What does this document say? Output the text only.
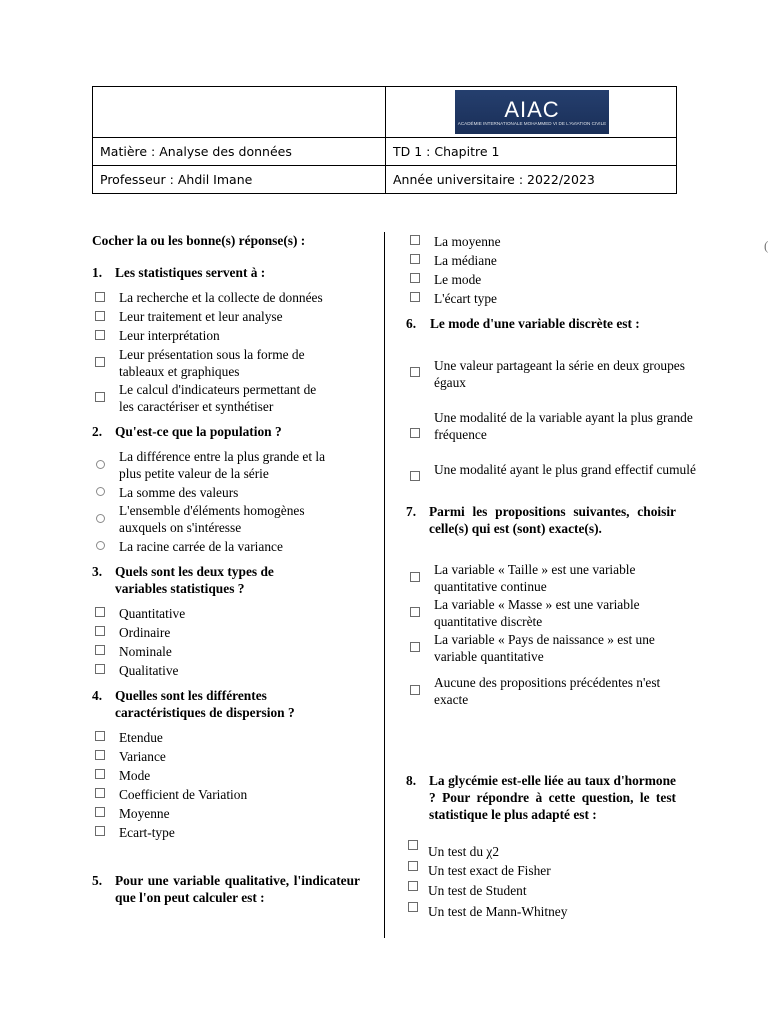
	AIAC
ACADÉMIE INTERNATIONALE MOHAMMED VI DE L'AVIATION CIVILE

Matière : Analyse des données	TD 1 : Chapitre 1
Professeur : Ahdil Imane	Année universitaire : 2022/2023
(
Cocher la ou les bonne(s) réponse(s) :
1. Les statistiques servent à :
La recherche et la collecte de données
Leur traitement et leur analyse
Leur interprétation
Leur présentation sous la forme de
tableaux et graphiques
Le calcul d'indicateurs permettant de
les caractériser et synthétiser
2. Qu'est-ce que la population ?
La différence entre la plus grande et la
plus petite valeur de la série
La somme des valeurs
L'ensemble d'éléments homogènes
auxquels on s'intéresse
La racine carrée de la variance
3. Quels sont les deux types de
variables statistiques ?
Quantitative
Ordinaire
Nominale
Qualitative
4. Quelles sont les différentes
caractéristiques de dispersion ?
Etendue
Variance
Mode
Coefficient de Variation
Moyenne
Ecart-type
5. Pour une variable qualitative, l'indicateur que l'on peut calculer est :
La moyenne
La médiane
Le mode
L'écart type
6. Le mode d'une variable discrète est :
Une valeur partageant la série en deux groupes
égaux
Une modalité de la variable ayant la plus grande
fréquence
Une modalité ayant le plus grand effectif cumulé
7. Parmi les propositions suivantes, choisir celle(s) qui est (sont) exacte(s).
La variable « Taille » est une variable
quantitative continue
La variable « Masse » est une variable
quantitative discrète
La variable « Pays de naissance » est une
variable quantitative
Aucune des propositions précédentes n'est
exacte
8. La glycémie est-elle liée au taux d'hormone ? Pour répondre à cette question, le test statistique le plus adapté est :
Un test du χ2
Un test exact de Fisher
Un test de Student
Un test de Mann-Whitney
